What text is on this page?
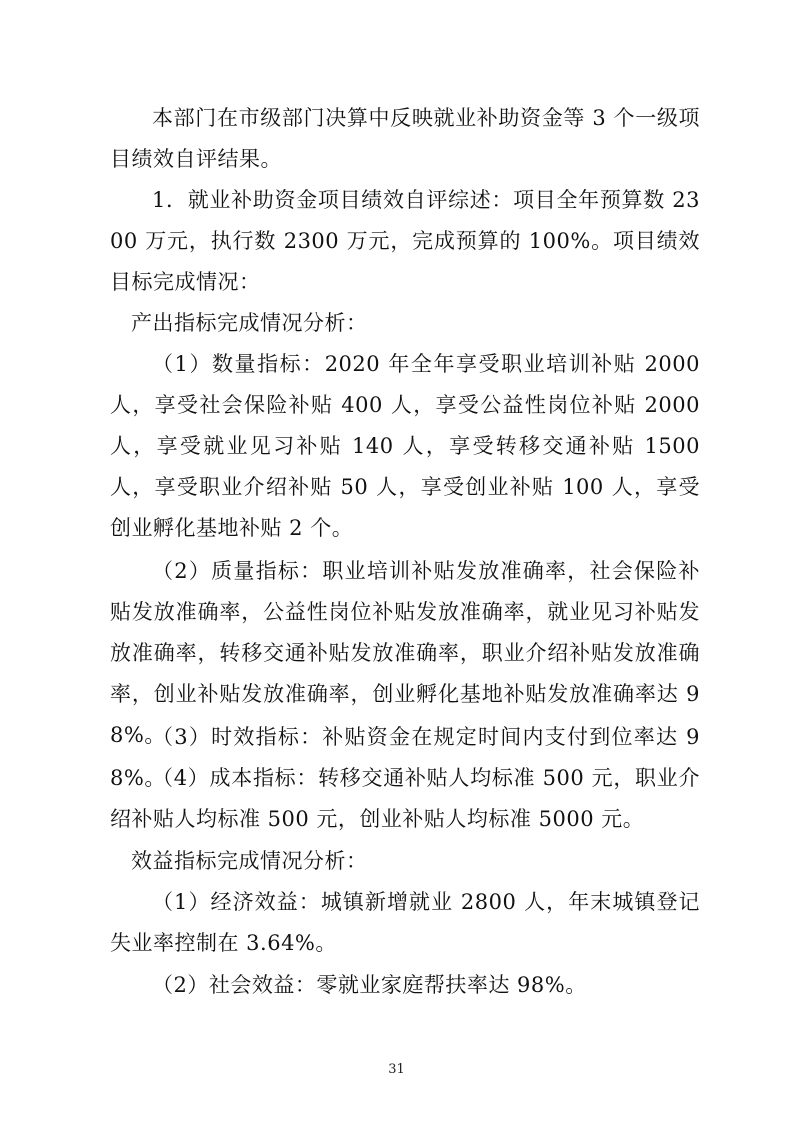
本部门在市级部门决算中反映就业补助资金等 3 个一级项目绩效自评结果。

1．就业补助资金项目绩效自评综述：项目全年预算数 2300 万元，执行数 2300 万元，完成预算的 100%。项目绩效目标完成情况：

产出指标完成情况分析：

（1）数量指标：2020 年全年享受职业培训补贴 2000 人，享受社会保险补贴 400 人，享受公益性岗位补贴 2000 人，享受就业见习补贴 140 人，享受转移交通补贴 1500 人，享受职业介绍补贴 50 人，享受创业补贴 100 人，享受创业孵化基地补贴 2 个。

（2）质量指标：职业培训补贴发放准确率，社会保险补贴发放准确率，公益性岗位补贴发放准确率，就业见习补贴发放准确率，转移交通补贴发放准确率，职业介绍补贴发放准确率，创业补贴发放准确率，创业孵化基地补贴发放准确率达 98%。

（3）时效指标：补贴资金在规定时间内支付到位率达 98%。

（4）成本指标：转移交通补贴人均标准 500 元，职业介绍补贴人均标准 500 元，创业补贴人均标准 5000 元。

效益指标完成情况分析：

（1）经济效益：城镇新增就业 2800 人，年末城镇登记失业率控制在 3.64%。

（2）社会效益：零就业家庭帮扶率达 98%。

31
